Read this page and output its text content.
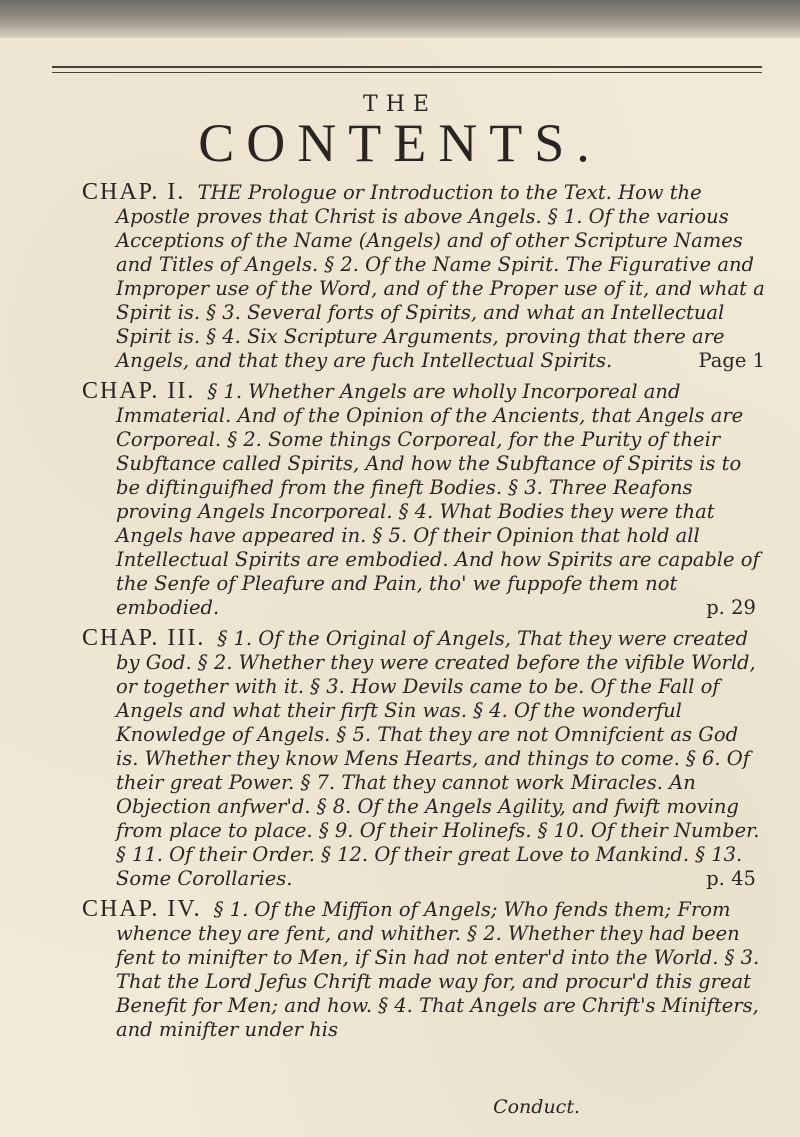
THE
CONTENTS.

CHAP. I. THE Prologue or Introduction to the Text. How the Apostle proves that Christ is above Angels. § 1. Of the various Acceptions of the Name (Angels) and of other Scripture Names and Titles of Angels. § 2. Of the Name Spirit. The Figurative and Improper use of the Word, and of the Proper use of it, and what a Spirit is. § 3. Several forts of Spirits, and what an Intellectual Spirit is. § 4. Six Scripture Arguments, proving that there are Angels, and that they are fuch Intellectual Spirits.	Page 1

CHAP. II. § 1. Whether Angels are wholly Incorporeal and Immaterial. And of the Opinion of the Ancients, that Angels are Corporeal. § 2. Some things Corporeal, for the Purity of their Subftance called Spirits, And how the Subftance of Spirits is to be diftinguifhed from the fineft Bodies. § 3. Three Reafons proving Angels Incorporeal. § 4. What Bodies they were that Angels have appeared in. § 5. Of their Opinion that hold all Intellectual Spirits are embodied. And how Spirits are capable of the Senfe of Pleafure and Pain, tho' we fuppofe them not embodied.	p. 29

CHAP. III. § 1. Of the Original of Angels, That they were created by God. § 2. Whether they were created before the vifible World, or together with it. § 3. How Devils came to be. Of the Fall of Angels and what their firft Sin was. § 4. Of the wonderful Knowledge of Angels. § 5. That they are not Omnifcient as God is. Whether they know Mens Hearts, and things to come. § 6. Of their great Power. § 7. That they cannot work Miracles. An Objection anfwer'd. § 8. Of the Angels Agility, and fwift moving from place to place. § 9. Of their Holinefs. § 10. Of their Number. § 11. Of their Order. § 12. Of their great Love to Mankind. § 13. Some Corollaries.	p. 45

CHAP. IV. § 1. Of the Miffion of Angels; Who fends them; From whence they are fent, and whither. § 2. Whether they had been fent to minifter to Men, if Sin had not enter'd into the World. § 3. That the Lord Jefus Chrift made way for, and procur'd this great Benefit for Men; and how. § 4. That Angels are Chrift's Minifters, and minifter under his

Conduct.
